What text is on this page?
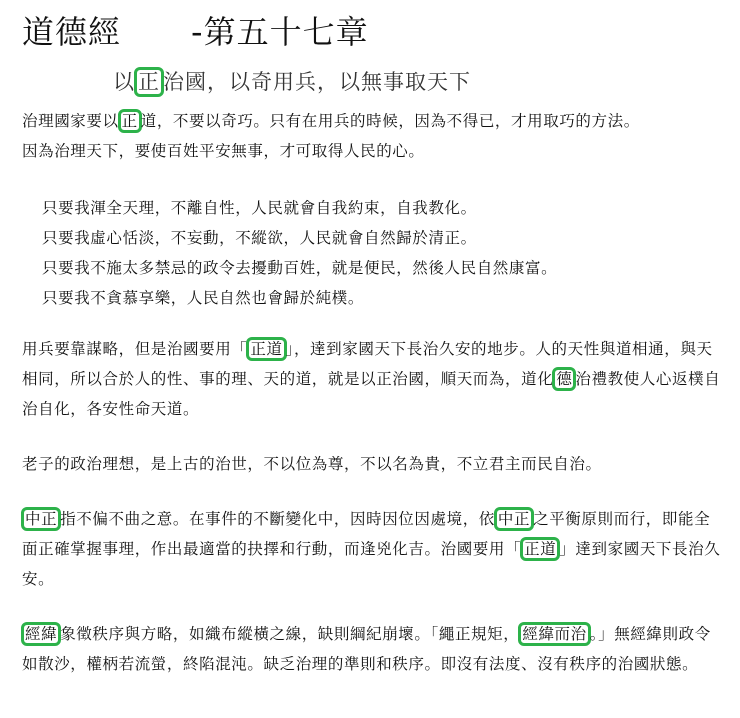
道德經 -第五十七章
以 正 治國，以奇用兵，以無事取天下

治理國家要以 正 道，不要以奇巧。只有在用兵的時候，因為不得已，才用取巧的方法。
因為治理天下，要使百姓平安無事，才可取得人民的心。

只要我渾全天理，不離自性，人民就會自我約束，自我教化。
只要我虛心恬淡，不妄動，不縱欲，人民就會自然歸於清正。
只要我不施太多禁忌的政令去擾動百姓，就是便民，然後人民自然康富。
只要我不貪慕享樂，人民自然也會歸於純樸。

用兵要靠謀略，但是治國要用「 正道 」，達到家國天下長治久安的地步。人的天性與道相通，與天相同，所以合於人的性、事的理、天的道，就是以正治國，順天而為，道化 德 治禮教使人心返樸自治自化，各安性命天道。

老子的政治理想，是上古的治世，不以位為尊，不以名為貴，不立君主而民自治。

中正 指不偏不曲之意。在事件的不斷變化中，因時因位因處境，依 中正 之平衡原則而行，即能全面正確掌握事理，作出最適當的抉擇和行動，而逢兇化吉。治國要用「 正道 」達到家國天下長治久安。

經緯 象徵秩序與方略，如織布縱橫之線，缺則綱紀崩壞。「繩正規矩， 經緯而治 。」無經緯則政令如散沙，權柄若流螢，終陷混沌。缺乏治理的準則和秩序。即沒有法度、沒有秩序的治國狀態。
